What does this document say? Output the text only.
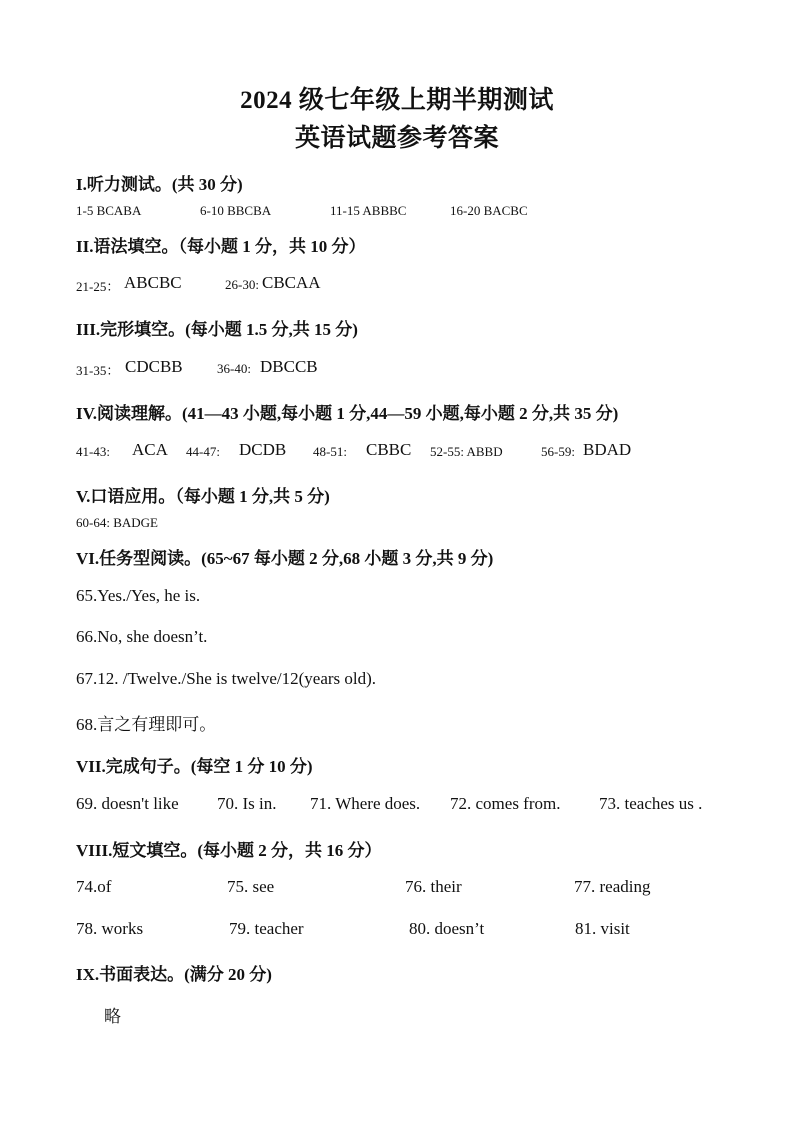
2024 级七年级上期半期测试
英语试题参考答案
I.听力测试。(共 30 分)
1-5 BCABA	6-10 BBCBA	11-15 ABBBC	16-20 BACBC
II.语法填空。（每小题 1 分，共 10 分）
21-25： ABCBC	26-30: CBCAA
III.完形填空。(每小题 1.5 分,共 15 分)
31-35： CDCBB	36-40: DBCCB
IV.阅读理解。(41—43 小题,每小题 1 分,44—59 小题,每小题 2 分,共 35 分)
41-43: ACA 44-47: DCDB 48-51: CBBC 52-55: ABBD	56-59: BDAD
V.口语应用。（每小题 1 分,共 5 分)
60-64: BADGE
VI.任务型阅读。(65~67 每小题 2 分,68 小题 3 分,共 9 分)
65.Yes./Yes, he is.
66.No, she doesn’t.
67.12. /Twelve./She is twelve/12(years old).
68.言之有理即可。
VII.完成句子。(每空 1 分 10 分)
69. doesn't like 70. Is in. 71. Where does. 72. comes from. 73. teaches us .
VIII.短文填空。(每小题 2 分，共 16 分）
74.of	75. see	76. their	77. reading
78. works	79. teacher	80. doesn’t	81. visit
IX.书面表达。(满分 20 分)
略
